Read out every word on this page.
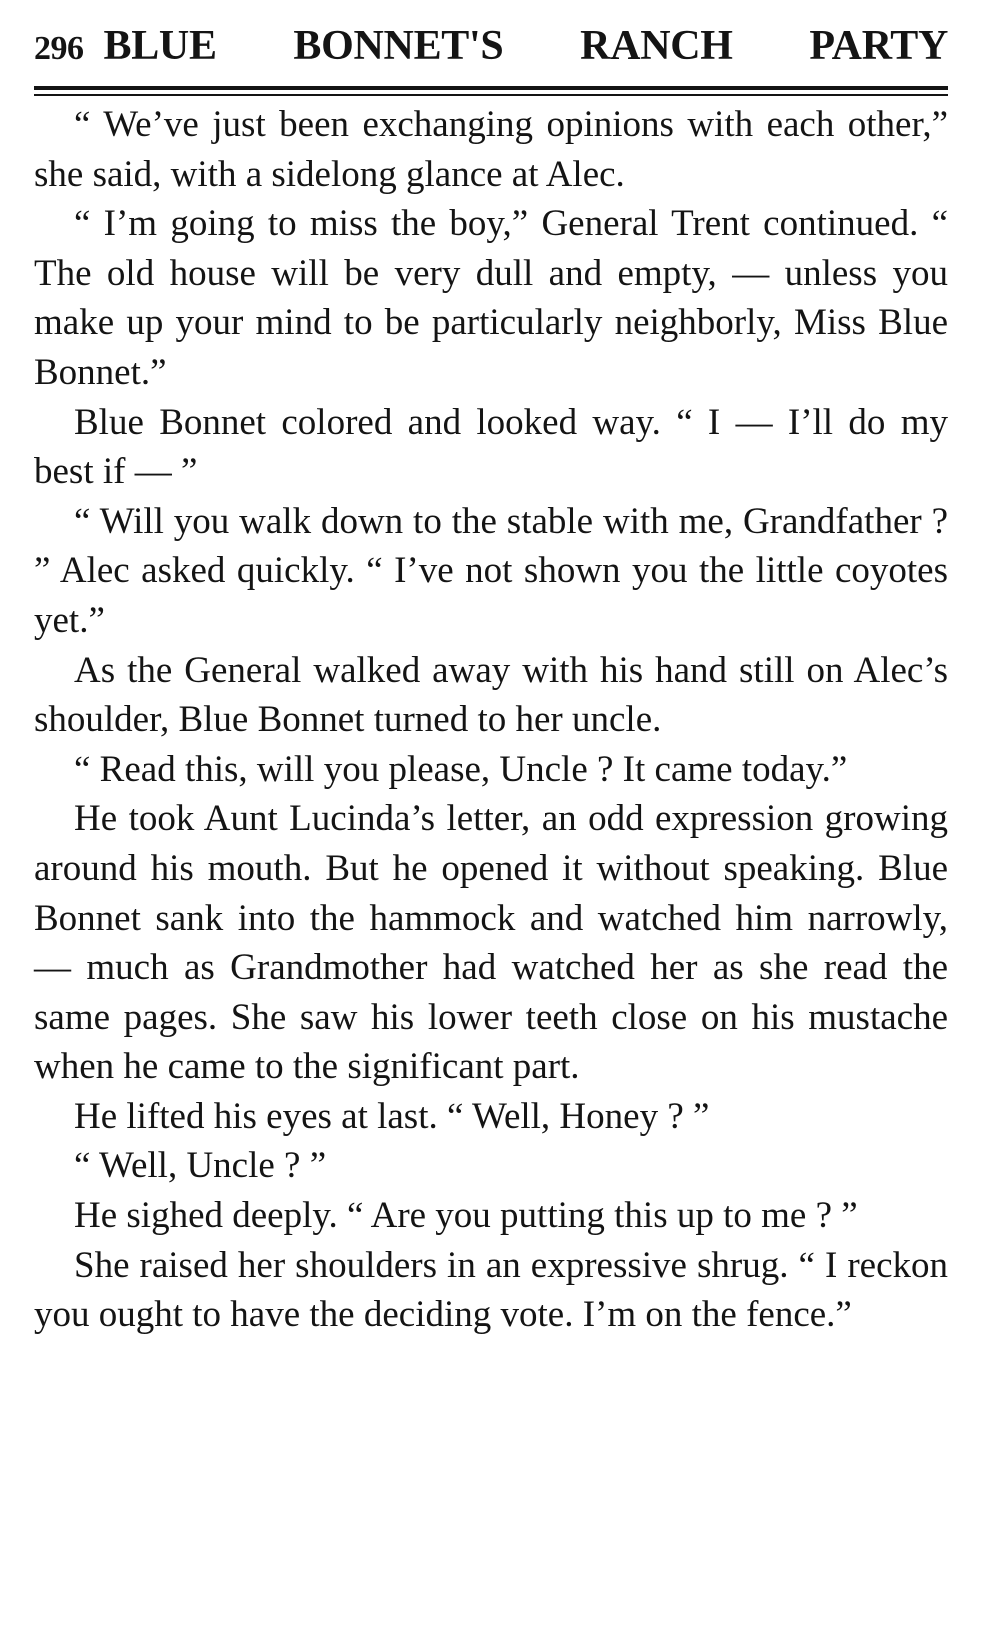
296 BLUE BONNET'S RANCH PARTY

“ We’ve just been exchanging opinions with each other,” she said, with a sidelong glance at Alec.

“ I’m going to miss the boy,” General Trent continued. “ The old house will be very dull and empty, — unless you make up your mind to be particularly neighborly, Miss Blue Bonnet.”

Blue Bonnet colored and looked way. “ I — I’ll do my best if — ”

“ Will you walk down to the stable with me, Grandfather ? ” Alec asked quickly. “ I’ve not shown you the little coyotes yet.”

As the General walked away with his hand still on Alec’s shoulder, Blue Bonnet turned to her uncle.

“ Read this, will you please, Uncle ? It came today.”

He took Aunt Lucinda’s letter, an odd expression growing around his mouth. But he opened it without speaking. Blue Bonnet sank into the hammock and watched him narrowly, — much as Grandmother had watched her as she read the same pages. She saw his lower teeth close on his mustache when he came to the significant part.

He lifted his eyes at last. “ Well, Honey ? ”

“ Well, Uncle ? ”

He sighed deeply. “ Are you putting this up to me ? ”

She raised her shoulders in an expressive shrug. “ I reckon you ought to have the deciding vote. I’m on the fence.”
